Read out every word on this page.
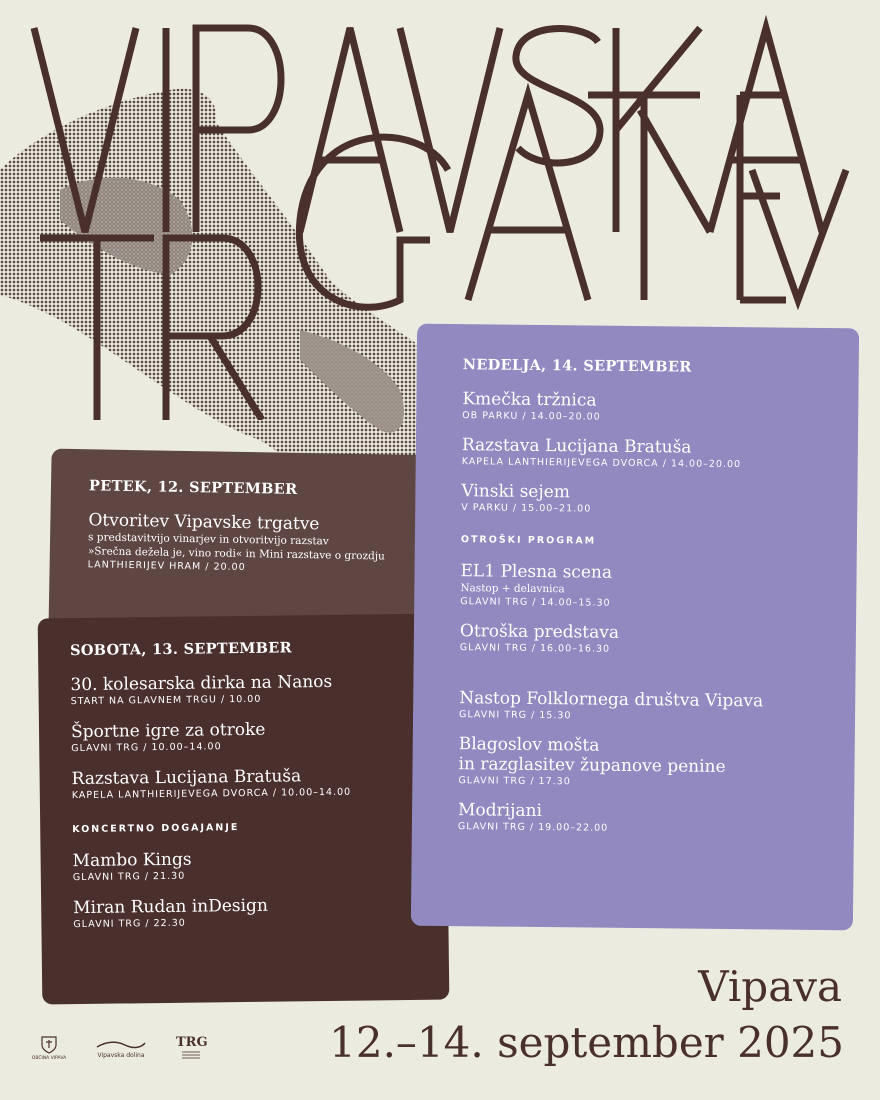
PETEK, 12. SEPTEMBER
Otvoritev Vipavske trgatve
s predstavitvijo vinarjev in otvoritvijo razstav
»Srečna dežela je, vino rodi« in Mini razstave o grozdju
LANTHIERIJEV HRAM / 20.00
SOBOTA, 13. SEPTEMBER
30. kolesarska dirka na Nanos
START NA GLAVNEM TRGU / 10.00
Športne igre za otroke
GLAVNI TRG / 10.00–14.00
Razstava Lucijana Bratuša
KAPELA LANTHIERIJEVEGA DVORCA / 10.00–14.00
KONCERTNO DOGAJANJE
Mambo Kings
GLAVNI TRG / 21.30
Miran Rudan inDesign
GLAVNI TRG / 22.30
NEDELJA, 14. SEPTEMBER
Kmečka tržnica
OB PARKU / 14.00–20.00
Razstava Lucijana Bratuša
KAPELA LANTHIERIJEVEGA DVORCA / 14.00–20.00
Vinski sejem
V PARKU / 15.00–21.00
OTROŠKI PROGRAM
EL1 Plesna scena
Nastop + delavnica
GLAVNI TRG / 14.00–15.30
Otroška predstava
GLAVNI TRG / 16.00–16.30
Nastop Folklornega društva Vipava
GLAVNI TRG / 15.30
Blagoslov mošta
in razglasitev županove penine
GLAVNI TRG / 17.30
Modrijani
GLAVNI TRG / 19.00–22.00
Vipava
12.–14. september 2025
OBČINA VIPAVA	Vipavska dolina
TRG
